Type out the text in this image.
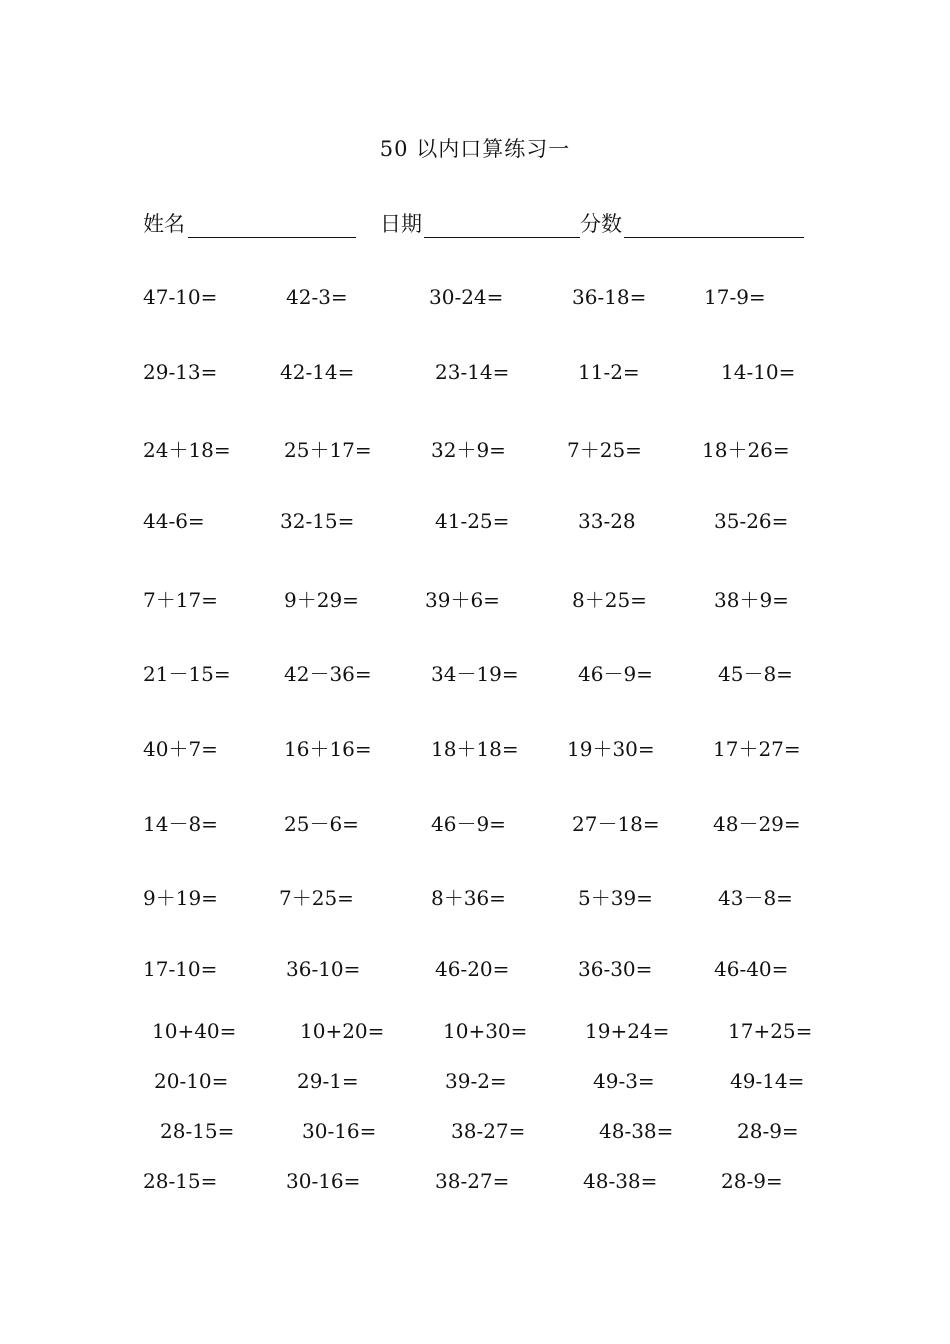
50 以内口算练习一
姓名	日期	分数
47-10=	42-3=	30-24=	36-18=	17-9=
29-13=	42-14=	23-14=	11-2=	14-10=
24＋18=	25＋17=	32＋9=	7＋25=	18＋26=
44-6=	32-15=	41-25=	33-28	35-26=
7＋17=	9＋29=	39＋6=	8＋25=	38＋9=
21－15=	42－36=	34－19=	46－9=	45－8=
40＋7=	16＋16=	18＋18= 19＋30=	17＋27=
14－8=	25－6=	46－9=	27－18=	48－29=
9＋19=	7＋25=	8＋36=	5＋39=	43－8=
17-10=	36-10=	46-20=	36-30=	46-40=
10+40=	10+20=	10+30=	19+24=	17+25=
20-10=	29-1=	39-2=	49-3=	49-14=
28-15=	30-16=	38-27=	48-38=	28-9=
28-15=	30-16=	38-27=	48-38=	28-9=
